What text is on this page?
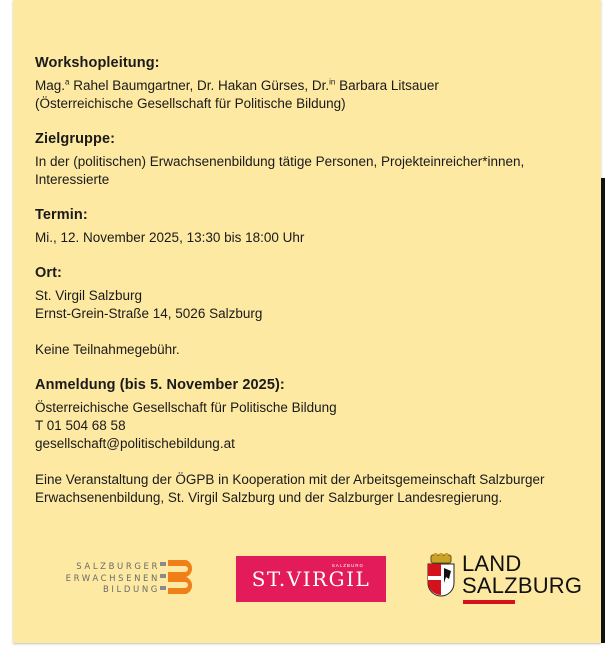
Workshopleitung:

Mag.$^a$ Rahel Baumgartner, Dr. Hakan Gürses, Dr.$^{in}$ Barbara Litsauer

(Österreichische Gesellschaft für Politische Bildung)

Zielgruppe:

In der (politischen) Erwachsenenbildung tätige Personen, Projekteinreicher*innen,

Interessierte

Termin:

Mi., 12. November 2025, 13:30 bis 18:00 Uhr

Ort:

St. Virgil Salzburg

Ernst-Grein-Straße 14, 5026 Salzburg

Keine Teilnahmegebühr.

Anmeldung (bis 5. November 2025):

Österreichische Gesellschaft für Politische Bildung

T 01 504 68 58

gesellschaft@politischebildung.at

Eine Veranstaltung der ÖGPB in Kooperation mit der Arbeitsgemeinschaft Salzburger

Erwachsenenbildung, St. Virgil Salzburg und der Salzburger Landesregierung.

SALZBURGER
ERWACHSENEN
BILDUNG
SALZBURG
ST.VIRGIL
LAND
SALZBURG
